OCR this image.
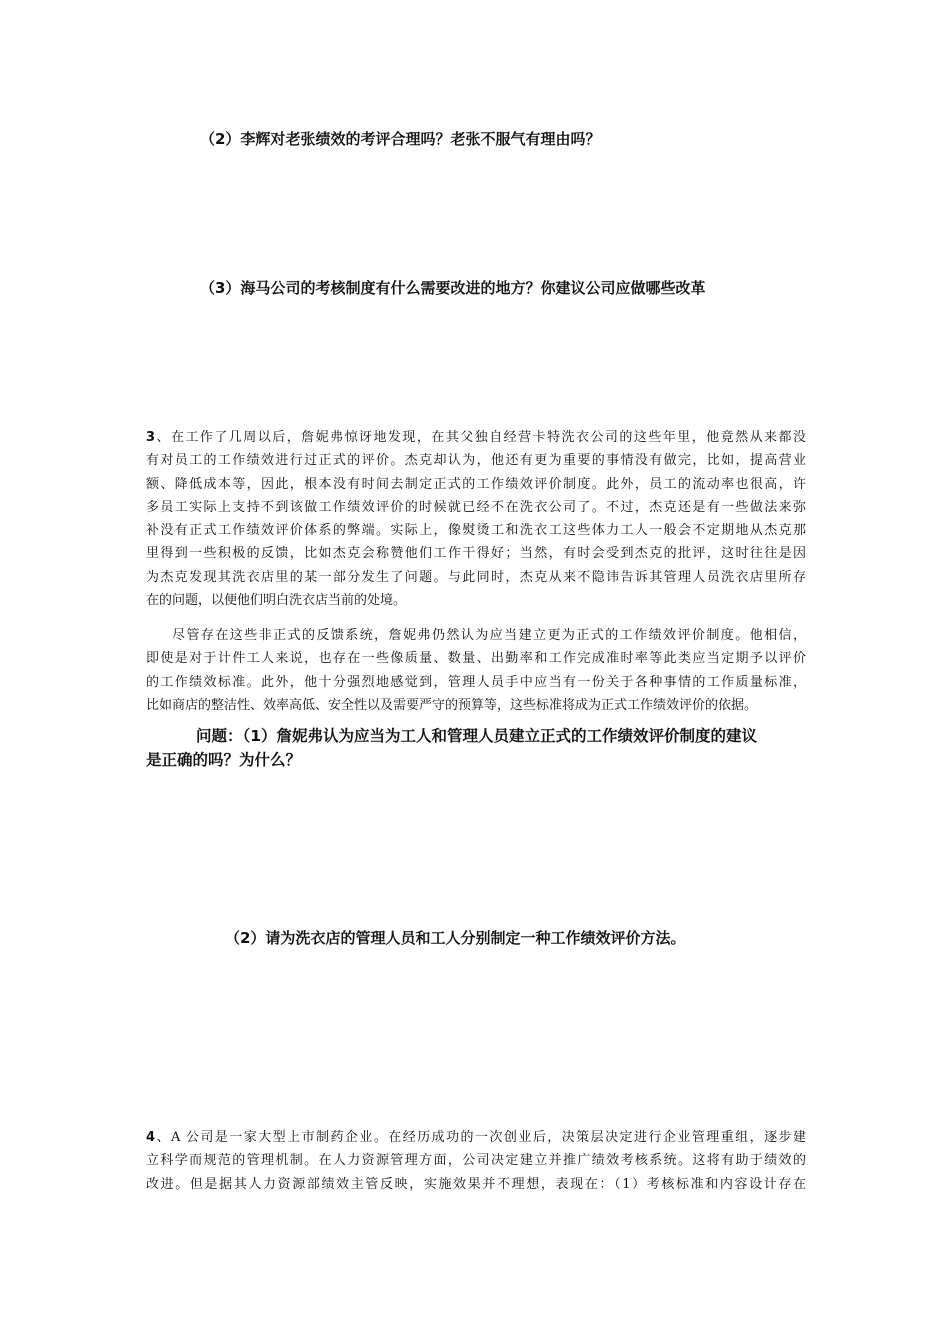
（2）李辉对老张绩效的考评合理吗？老张不服气有理由吗？
（3）海马公司的考核制度有什么需要改进的地方？你建议公司应做哪些改革
3、在工作了几周以后，詹妮弗惊讶地发现，在其父独自经营卡特洗衣公司的这些年里，他竟然从来都没
有对员工的工作绩效进行过正式的评价。杰克却认为，他还有更为重要的事情没有做完，比如，提高营业
额、降低成本等，因此，根本没有时间去制定正式的工作绩效评价制度。此外，员工的流动率也很高，许
多员工实际上支持不到该做工作绩效评价的时候就已经不在洗衣公司了。不过，杰克还是有一些做法来弥
补没有正式工作绩效评价体系的弊端。实际上，像熨烫工和洗衣工这些体力工人一般会不定期地从杰克那
里得到一些积极的反馈，比如杰克会称赞他们工作干得好；当然，有时会受到杰克的批评，这时往往是因
为杰克发现其洗衣店里的某一部分发生了问题。与此同时，杰克从来不隐讳告诉其管理人员洗衣店里所存
在的问题，以便他们明白洗衣店当前的处境。
尽管存在这些非正式的反馈系统，詹妮弗仍然认为应当建立更为正式的工作绩效评价制度。他相信，
即使是对于计件工人来说，也存在一些像质量、数量、出勤率和工作完成准时率等此类应当定期予以评价
的工作绩效标准。此外，他十分强烈地感觉到，管理人员手中应当有一份关于各种事情的工作质量标准，
比如商店的整洁性、效率高低、安全性以及需要严守的预算等，这些标准将成为正式工作绩效评价的依据。
问题：（1）詹妮弗认为应当为工人和管理人员建立正式的工作绩效评价制度的建议
是正确的吗？为什么？
（2）请为洗衣店的管理人员和工人分别制定一种工作绩效评价方法。
4、A 公司是一家大型上市制药企业。在经历成功的一次创业后，决策层决定进行企业管理重组，逐步建
立科学而规范的管理机制。在人力资源管理方面，公司决定建立并推广绩效考核系统。这将有助于绩效的
改进。但是据其人力资源部绩效主管反映，实施效果并不理想，表现在：（1）考核标准和内容设计存在
